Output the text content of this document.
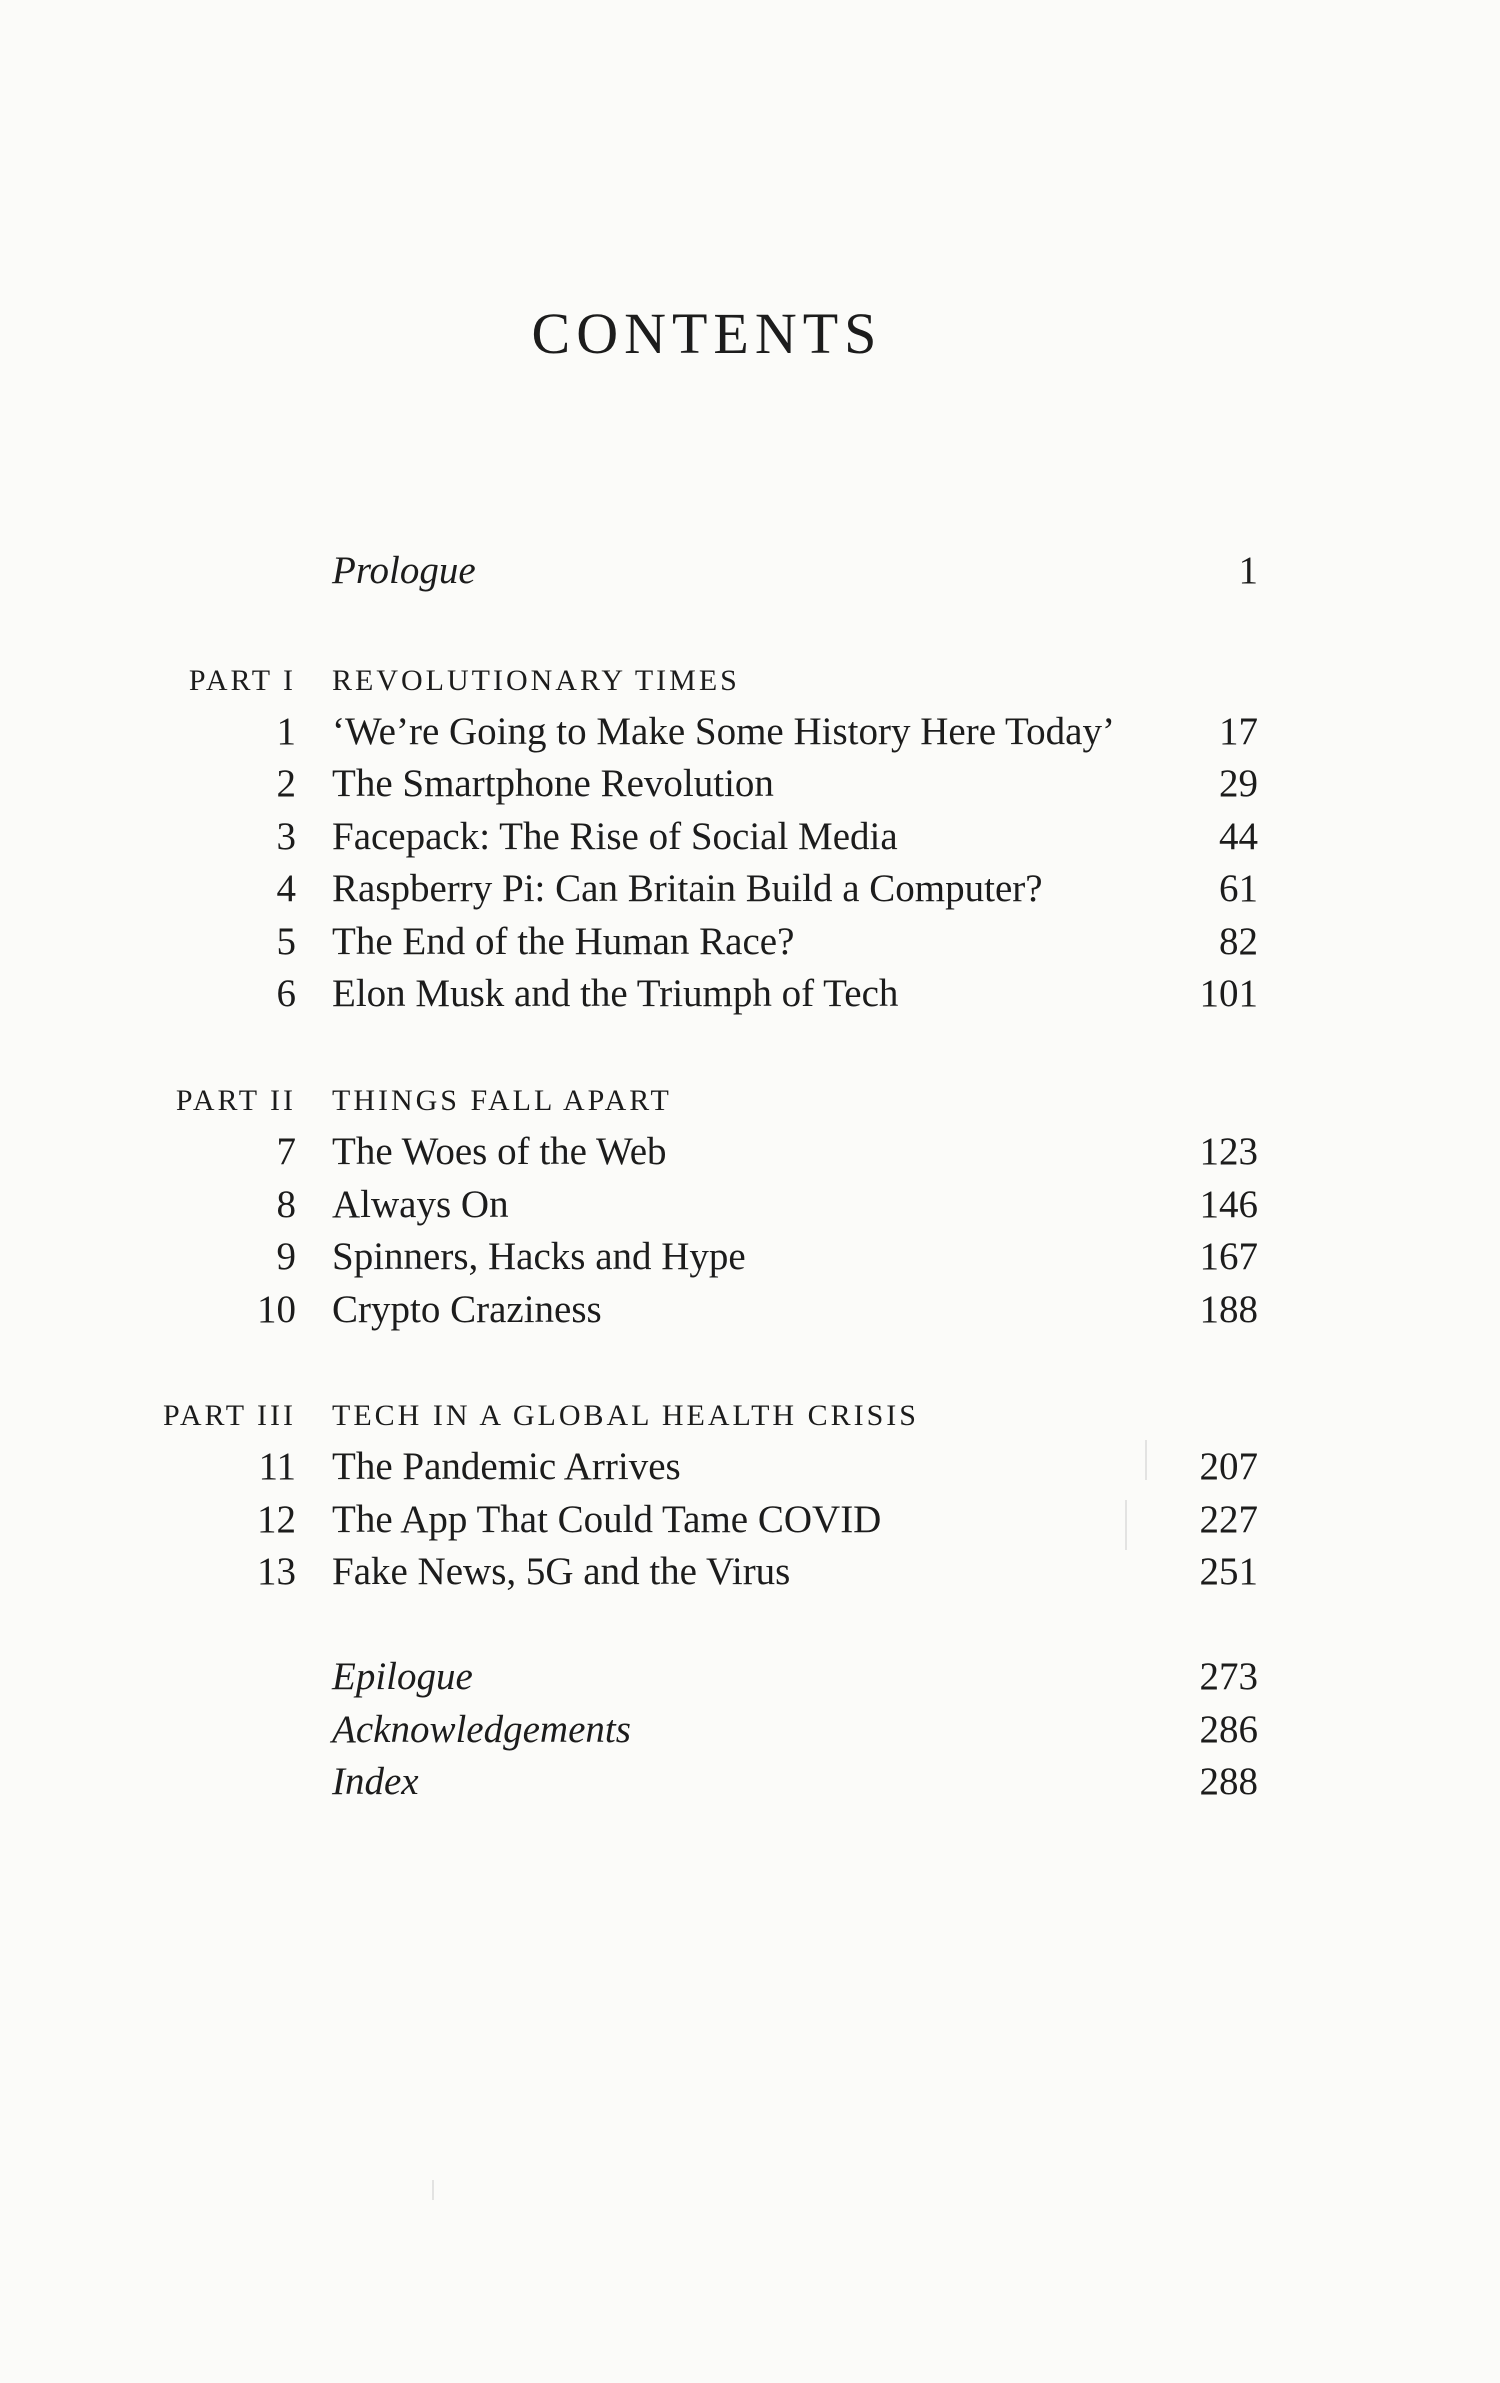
CONTENTS
Prologue	1
PART I REVOLUTIONARY TIMES
1 ‘We’re Going to Make Some History Here Today’	17
2 The Smartphone Revolution	29
3 Facepack: The Rise of Social Media	44
4 Raspberry Pi: Can Britain Build a Computer?	61
5 The End of the Human Race?	82
6 Elon Musk and the Triumph of Tech	101
PART II THINGS FALL APART
7 The Woes of the Web	123
8 Always On	146
9 Spinners, Hacks and Hype	167
10 Crypto Craziness	188
PART III TECH IN A GLOBAL HEALTH CRISIS
11 The Pandemic Arrives	207
12 The App That Could Tame COVID	227
13 Fake News, 5G and the Virus	251
Epilogue	273
Acknowledgements	286
Index	288
